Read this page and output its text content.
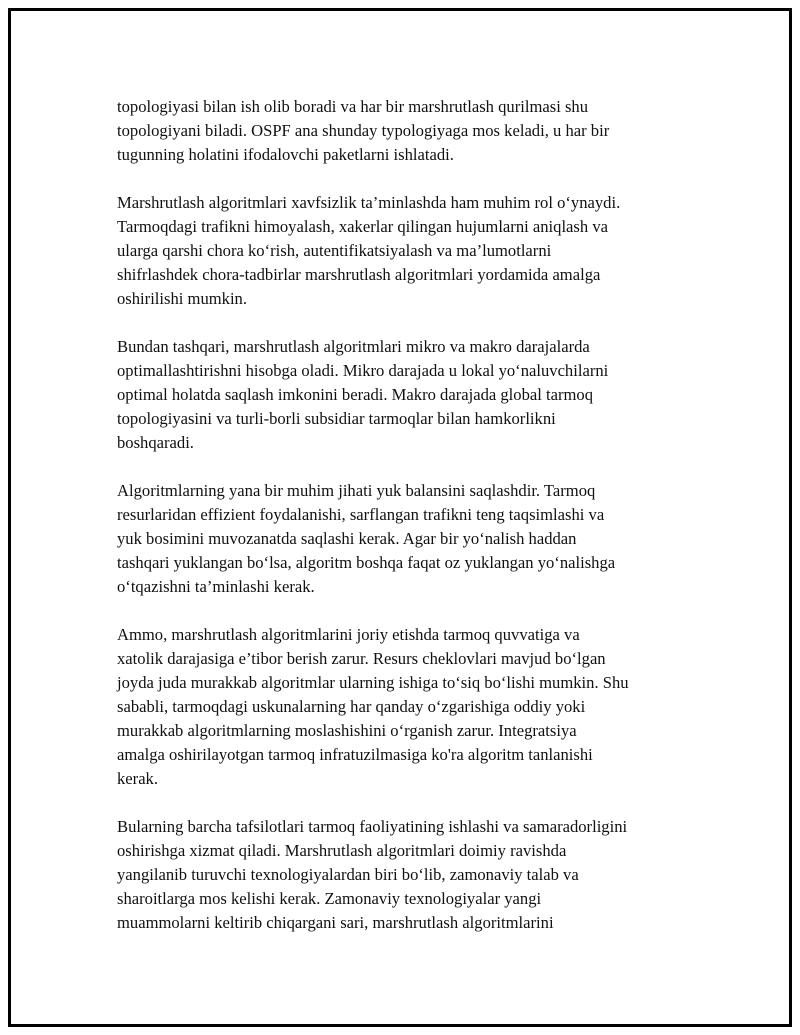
topologiyasi bilan ish olib boradi va har bir marshrutlash qurilmasi shu
topologiyani biladi. OSPF ana shunday typologiyaga mos keladi, u har bir
tugunning holatini ifodalovchi paketlarni ishlatadi.

Marshrutlash algoritmlari xavfsizlik ta’minlashda ham muhim rol o‘ynaydi.
Tarmoqdagi trafikni himoyalash, xakerlar qilingan hujumlarni aniqlash va
ularga qarshi chora ko‘rish, autentifikatsiyalash va ma’lumotlarni
shifrlashdek chora-tadbirlar marshrutlash algoritmlari yordamida amalga
oshirilishi mumkin.

Bundan tashqari, marshrutlash algoritmlari mikro va makro darajalarda
optimallashtirishni hisobga oladi. Mikro darajada u lokal yo‘naluvchilarni
optimal holatda saqlash imkonini beradi. Makro darajada global tarmoq
topologiyasini va turli-borli subsidiar tarmoqlar bilan hamkorlikni
boshqaradi.

Algoritmlarning yana bir muhim jihati yuk balansini saqlashdir. Tarmoq
resurlaridan effizient foydalanishi, sarflangan trafikni teng taqsimlashi va
yuk bosimini muvozanatda saqlashi kerak. Agar bir yo‘nalish haddan
tashqari yuklangan bo‘lsa, algoritm boshqa faqat oz yuklangan yo‘nalishga
o‘tqazishni ta’minlashi kerak.

Ammo, marshrutlash algoritmlarini joriy etishda tarmoq quvvatiga va
xatolik darajasiga e’tibor berish zarur. Resurs cheklovlari mavjud bo‘lgan
joyda juda murakkab algoritmlar ularning ishiga to‘siq bo‘lishi mumkin. Shu
sababli, tarmoqdagi uskunalarning har qanday o‘zgarishiga oddiy yoki
murakkab algoritmlarning moslashishini o‘rganish zarur. Integratsiya
amalga oshirilayotgan tarmoq infratuzilmasiga ko'ra algoritm tanlanishi
kerak.

Bularning barcha tafsilotlari tarmoq faoliyatining ishlashi va samaradorligini
oshirishga xizmat qiladi. Marshrutlash algoritmlari doimiy ravishda
yangilanib turuvchi texnologiyalardan biri bo‘lib, zamonaviy talab va
sharoitlarga mos kelishi kerak. Zamonaviy texnologiyalar yangi
muammolarni keltirib chiqargani sari, marshrutlash algoritmlarini
